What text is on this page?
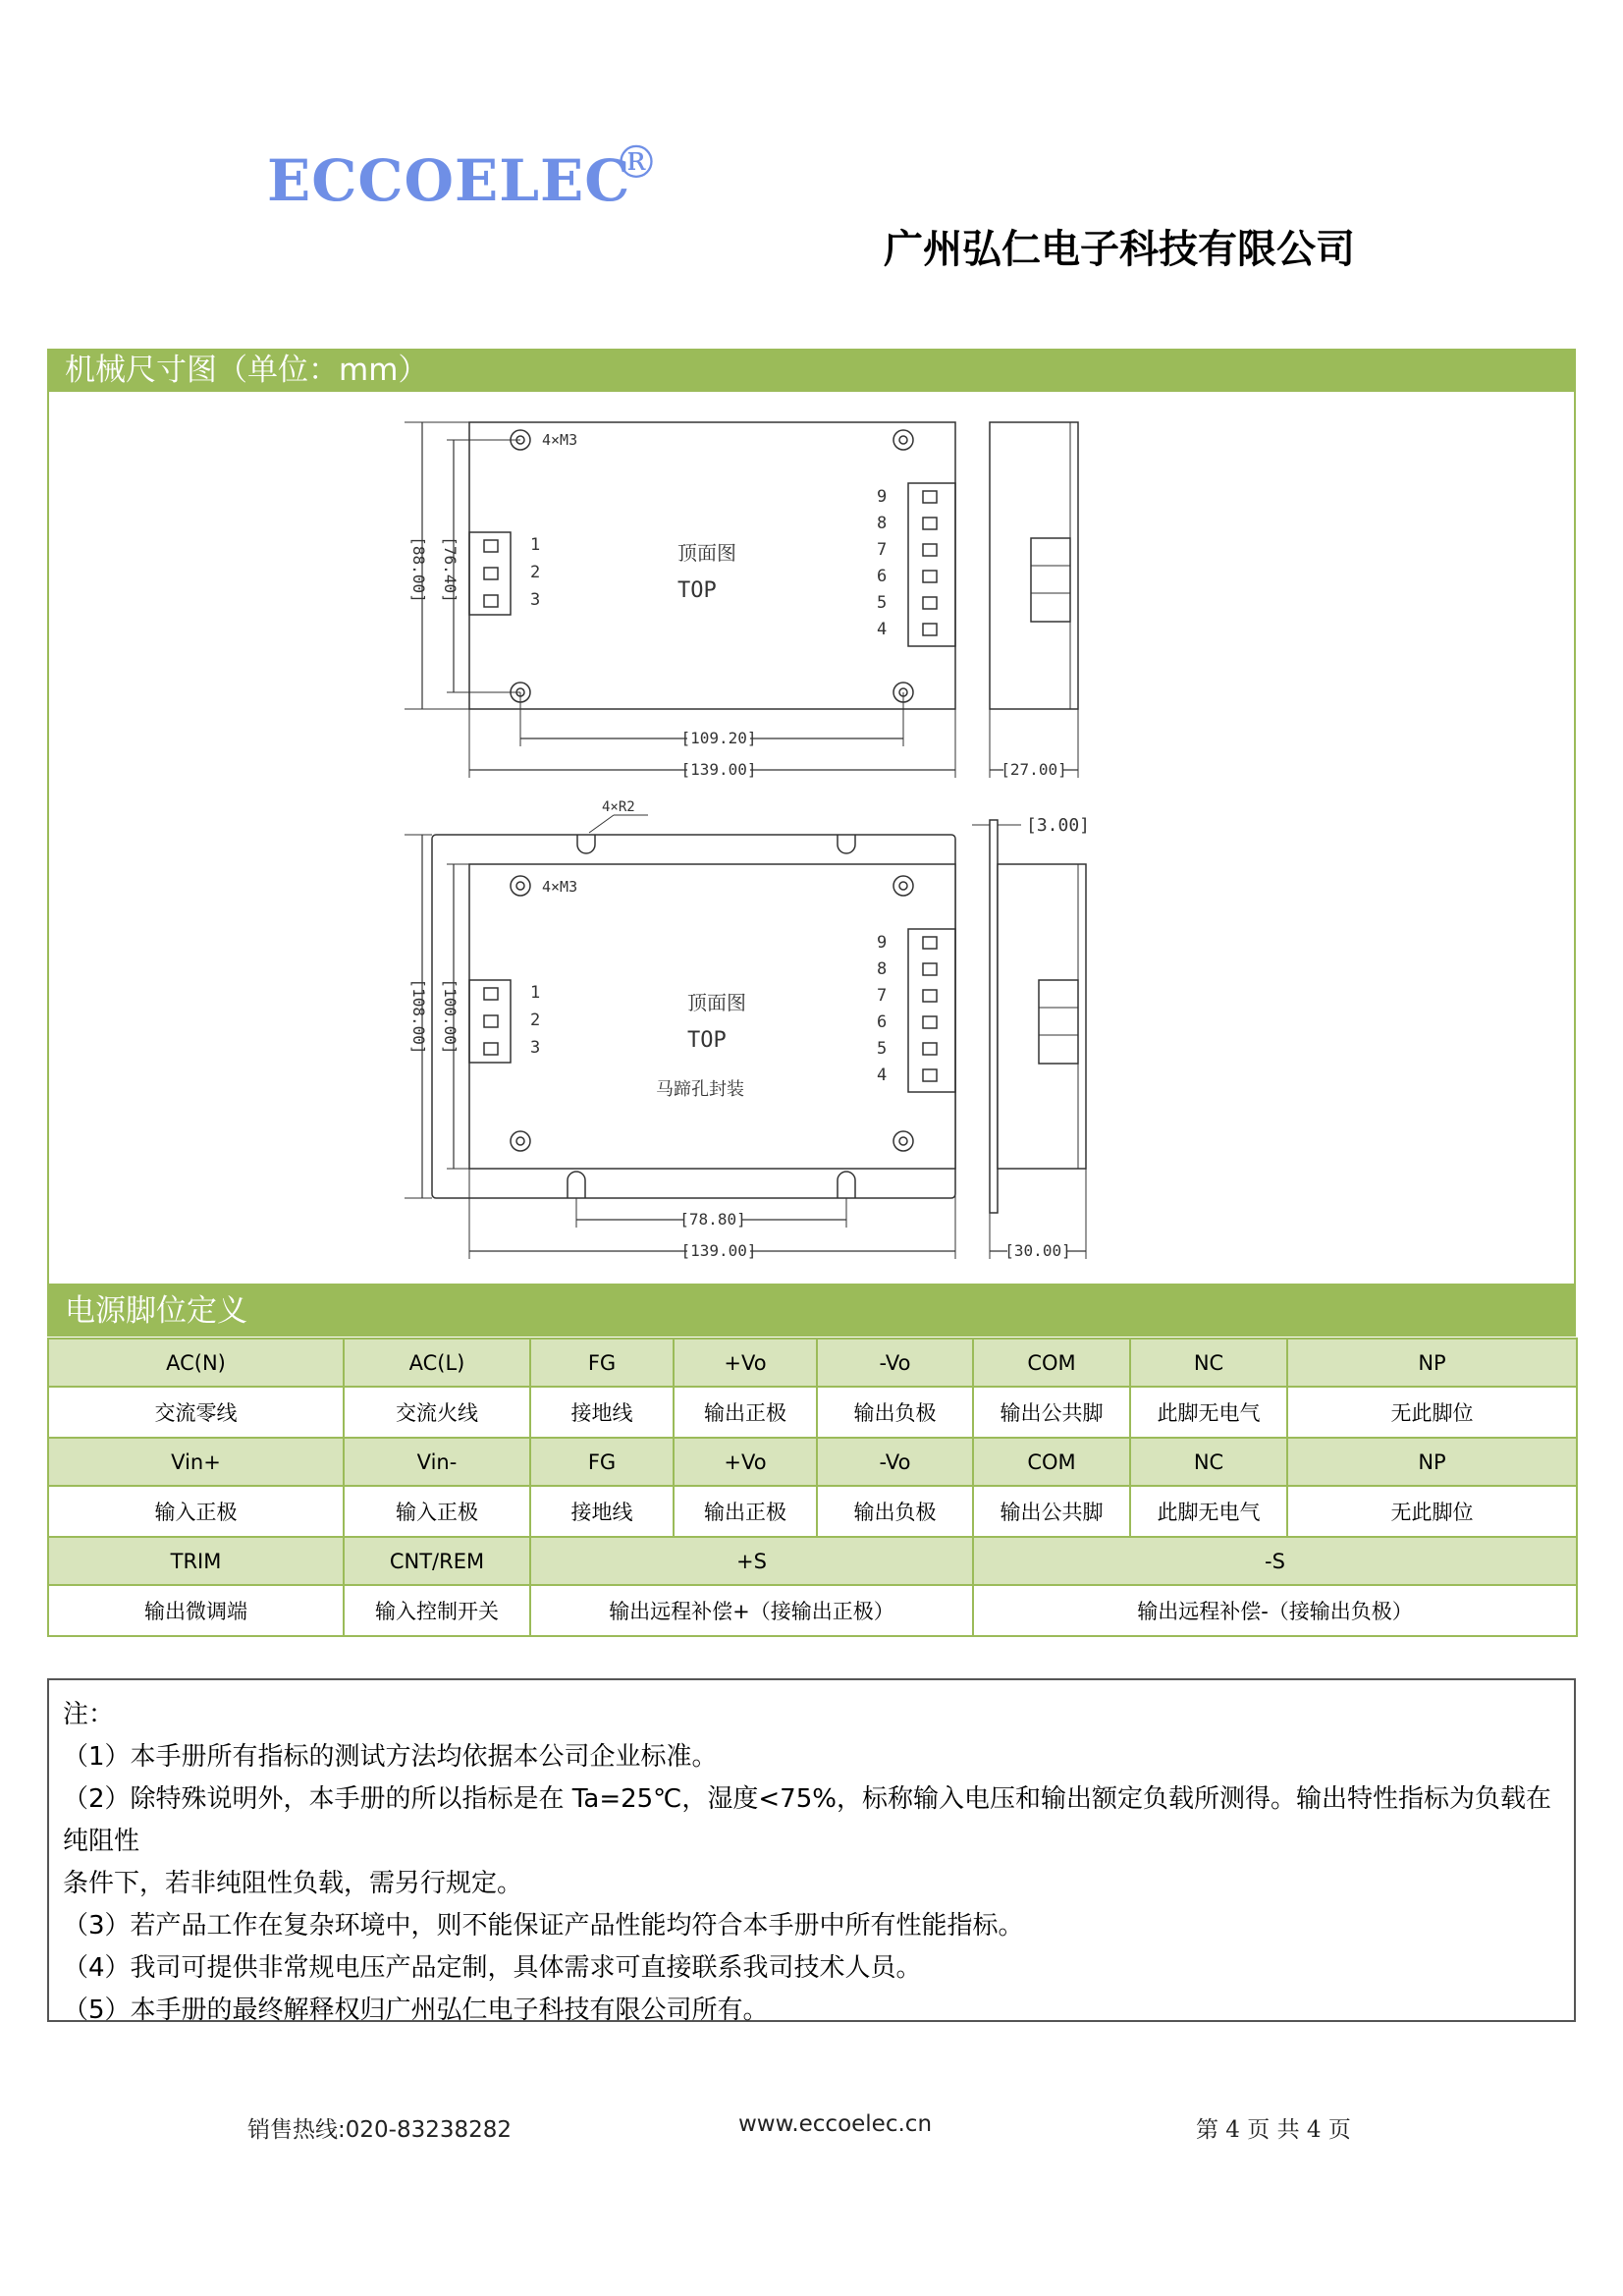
ECCOELEC
®
广州弘仁电子科技有限公司
机械尺寸图（单位：mm）
4×M3
1
2
3
9
8
7
6
5
4
顶面图
TOP
[88.00] [76.40]
[109.20]
[139.00]	[27.00]
4×R2
4×M3
1
2
3
9
8
7
6
5
4
顶面图
TOP
马蹄孔封装
[108.00] [100.00]
[78.80]
[139.00]
[3.00]
[30.00]
电源脚位定义
AC(N)	AC(L)	FG	+Vo	-Vo	COM	NC	NP
交流零线	交流火线	接地线	输出正极	输出负极	输出公共脚	此脚无电气	无此脚位
Vin+	Vin-	FG	+Vo	-Vo	COM	NC	NP
输入正极	输入正极	接地线	输出正极	输出负极	输出公共脚	此脚无电气	无此脚位
TRIM	CNT/REM	+S			-S		
输出微调端	输入控制开关	输出远程补偿+（接输出正极）			输出远程补偿-（接输出负极）		

注：

（1）本手册所有指标的测试方法均依据本公司企业标准。

（2）除特殊说明外，本手册的所以指标是在 Ta=25℃，湿度<75%，标称输入电压和输出额定负载所测得。输出特性指标为负载在纯阻性

条件下，若非纯阻性负载，需另行规定。

（3）若产品工作在复杂环境中，则不能保证产品性能均符合本手册中所有性能指标。

（4）我司可提供非常规电压产品定制，具体需求可直接联系我司技术人员。

（5）本手册的最终解释权归广州弘仁电子科技有限公司所有。

销售热线:020-83238282	www.eccoelec.cn	第 4 页 共 4 页
